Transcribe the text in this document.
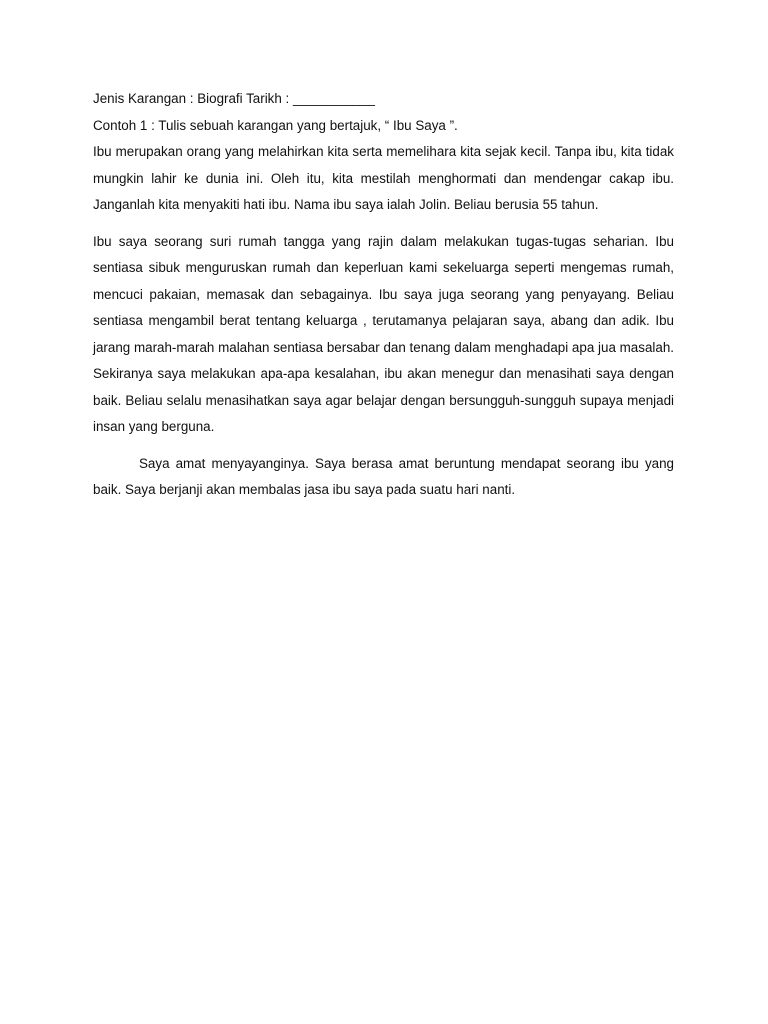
Jenis Karangan : Biografi Tarikh : ___________

Contoh 1 : Tulis sebuah karangan yang bertajuk, “ Ibu Saya ”.

Ibu merupakan orang yang melahirkan kita serta memelihara kita sejak kecil. Tanpa ibu, kita tidak mungkin lahir ke dunia ini. Oleh itu, kita mestilah menghormati dan mendengar cakap ibu. Janganlah kita menyakiti hati ibu. Nama ibu saya ialah Jolin. Beliau berusia 55 tahun.

Ibu saya seorang suri rumah tangga yang rajin dalam melakukan tugas-tugas seharian. Ibu sentiasa sibuk menguruskan rumah dan keperluan kami sekeluarga seperti mengemas rumah, mencuci pakaian, memasak dan sebagainya. Ibu saya juga seorang yang penyayang. Beliau sentiasa mengambil berat tentang keluarga , terutamanya pelajaran saya, abang dan adik. Ibu jarang marah-marah malahan sentiasa bersabar dan tenang dalam menghadapi apa jua masalah. Sekiranya saya melakukan apa-apa kesalahan, ibu akan menegur dan menasihati saya dengan baik. Beliau selalu menasihatkan saya agar belajar dengan bersungguh-sungguh supaya menjadi insan yang berguna.

Saya amat menyayanginya. Saya berasa amat beruntung mendapat seorang ibu yang baik. Saya berjanji akan membalas jasa ibu saya pada suatu hari nanti.
